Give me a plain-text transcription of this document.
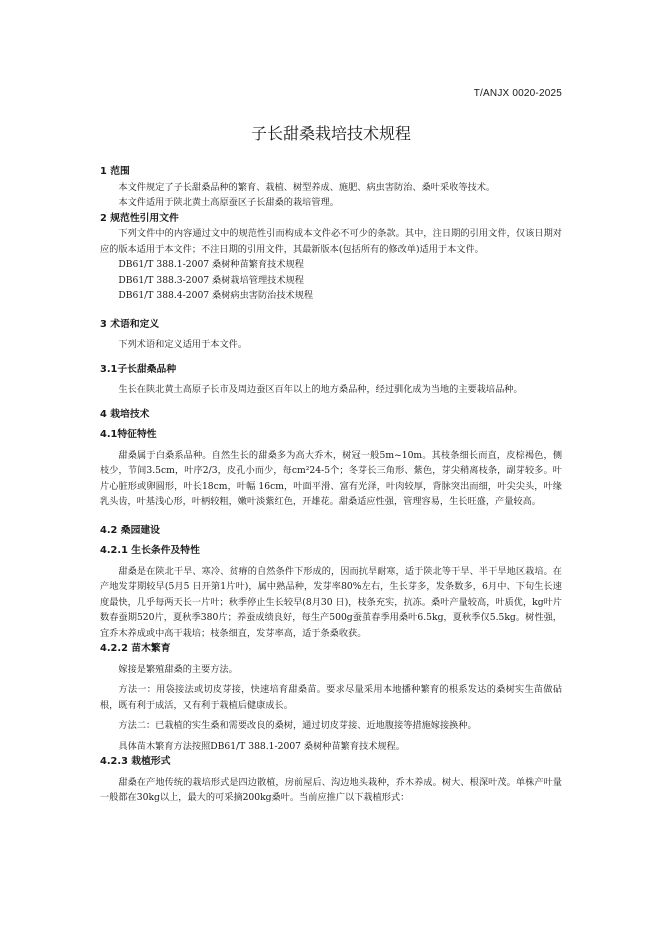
T/ANJX 0020-2025
子长甜桑栽培技术规程

1 范围

本文件规定了子长甜桑品种的繁育、栽植、树型养成、施肥、病虫害防治、桑叶采收等技术。

本文件适用于陕北黄土高原蚕区子长甜桑的栽培管理。

2 规范性引用文件

下列文件中的内容通过文中的规范性引而构成本文件必不可少的条款。其中，注日期的引用文件，仅该日期对应的版本适用于本文件；不注日期的引用文件，其最新版本(包括所有的修改单)适用于本文件。

DB61/T 388.1-2007 桑树种苗繁育技术规程

DB61/T 388.3-2007 桑树栽培管理技术规程

DB61/T 388.4-2007 桑树病虫害防治技术规程

3 术语和定义

下列术语和定义适用于本文件。

3.1子长甜桑品种

生长在陕北黄土高原子长市及周边蚕区百年以上的地方桑品种，经过驯化成为当地的主要栽培品种。

4 栽培技术

4.1特征特性

甜桑属于白桑系品种。自然生长的甜桑多为高大乔木，树冠一般5m~10m。其枝条细长而直，皮棕褐色，侧枝少，节间3.5cm，叶序2/3，皮孔小而少，每cm²24-5个；冬芽长三角形、紫色，芽尖稍离枝条，副芽较多。叶片心脏形或卵圆形，叶长18cm，叶幅 16cm，叶面平滑、富有光泽，叶肉较厚，背脉突出而细，叶尖尖头，叶缘乳头齿，叶基浅心形，叶柄较粗，嫩叶淡紫红色，开雄花。甜桑适应性强，管理容易，生长旺盛，产量较高。

4.2 桑园建设

4.2.1 生长条件及特性

甜桑是在陕北干旱、寒冷、贫瘠的自然条件下形成的，因而抗旱耐寒，适于陕北等干旱、半干旱地区栽培。在产地发芽期较早(5月5 日开第1片叶)，属中熟品种，发芽率80%左右，生长芽多，发条数多，6月中、下旬生长速度最快，几乎每两天长一片叶；秋季停止生长较早(8月30 日)，枝条充实，抗冻。桑叶产量较高，叶质优，kg叶片数春蚕期520片，夏秋季380片；养蚕成绩良好，每生产500g蚕茧春季用桑叶6.5kg，夏秋季仅5.5kg。树性强，宜乔木养成或中高干栽培；枝条细直，发芽率高，适于条桑收获。

4.2.2 苗木繁育

嫁接是繁殖甜桑的主要方法。

方法一：用袋接法或切皮芽接，快速培育甜桑苗。要求尽量采用本地播种繁育的根系发达的桑树实生苗做砧根，既有利于成活，又有利于栽植后健康成长。

方法二：已栽植的实生桑和需要改良的桑树，通过切皮芽接、近地腹接等措施嫁接换种。

具体苗木繁育方法按照DB61/T 388.1-2007 桑树种苗繁育技术规程。

4.2.3 栽植形式

甜桑在产地传统的栽培形式是四边散植，房前屋后、沟边地头栽种，乔木养成。树大、根深叶茂。单株产叶量一般都在30kg以上，最大的可采摘200kg桑叶。当前应推广以下栽植形式：
